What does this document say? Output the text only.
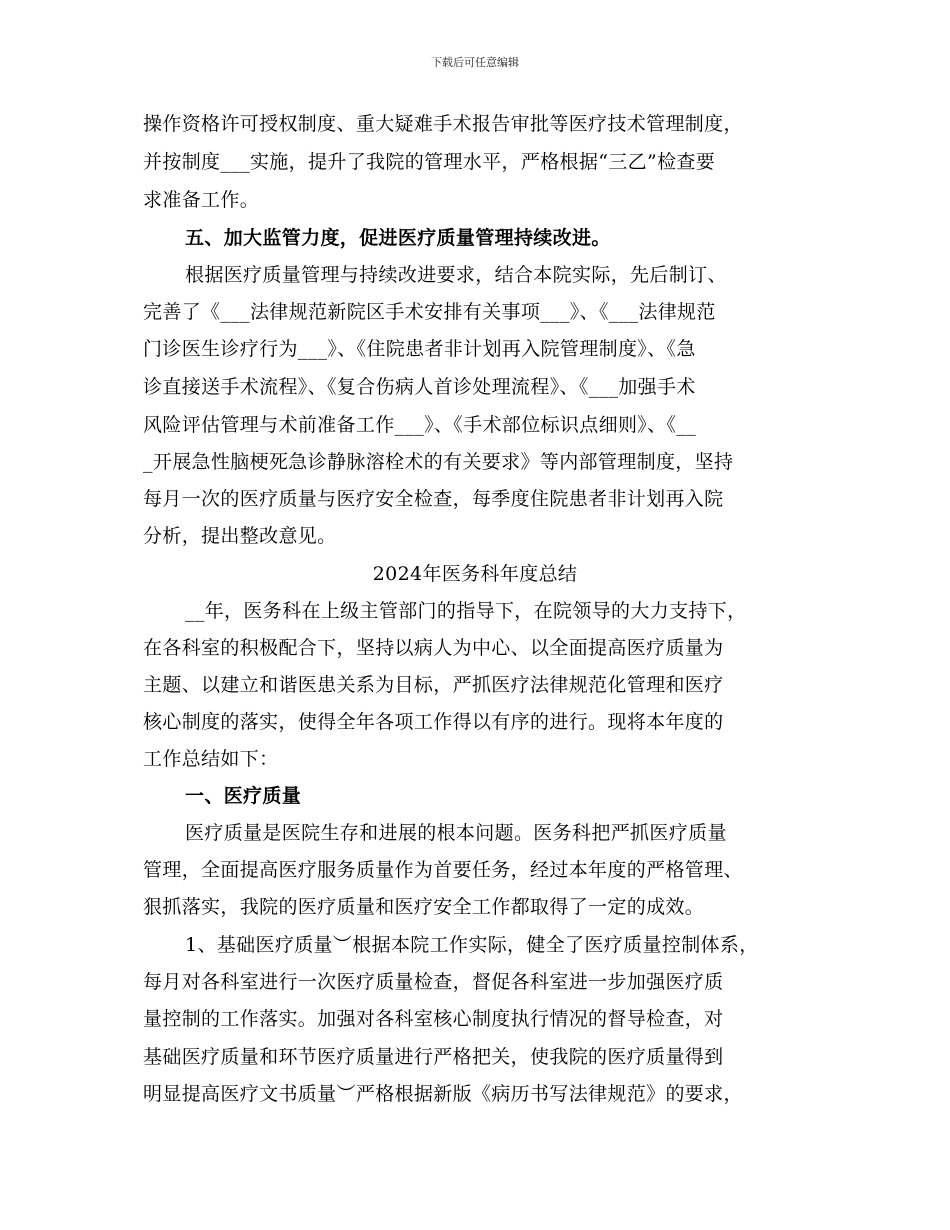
下载后可任意编辑
操作资格许可授权制度、重大疑难手术报告审批等医疗技术管理制度，
并按制度___实施，提升了我院的管理水平，严格根据“三乙”检查要
求准备工作。
五、加大监管力度，促进医疗质量管理持续改进。
根据医疗质量管理与持续改进要求，结合本院实际，先后制订、
完善了《___法律规范新院区手术安排有关事项___》、《___法律规范
门诊医生诊疗行为___》、《住院患者非计划再入院管理制度》、《急
诊直接送手术流程》、《复合伤病人首诊处理流程》、《___加强手术
风险评估管理与术前准备工作___》、《手术部位标识点细则》、《__
_开展急性脑梗死急诊静脉溶栓术的有关要求》等内部管理制度，坚持
每月一次的医疗质量与医疗安全检查，每季度住院患者非计划再入院
分析，提出整改意见。
2024年医务科年度总结
__年，医务科在上级主管部门的指导下，在院领导的大力支持下，
在各科室的积极配合下，坚持以病人为中心、以全面提高医疗质量为
主题、以建立和谐医患关系为目标，严抓医疗法律规范化管理和医疗
核心制度的落实，使得全年各项工作得以有序的进行。现将本年度的
工作总结如下：
一、医疗质量
医疗质量是医院生存和进展的根本问题。医务科把严抓医疗质量
管理，全面提高医疗服务质量作为首要任务，经过本年度的严格管理、
狠抓落实，我院的医疗质量和医疗安全工作都取得了一定的成效。
1、基础医疗质量︶根据本院工作实际，健全了医疗质量控制体系，
每月对各科室进行一次医疗质量检查，督促各科室进一步加强医疗质
量控制的工作落实。加强对各科室核心制度执行情况的督导检查，对
基础医疗质量和环节医疗质量进行严格把关，使我院的医疗质量得到
明显提高医疗文书质量︶严格根据新版《病历书写法律规范》的要求，
